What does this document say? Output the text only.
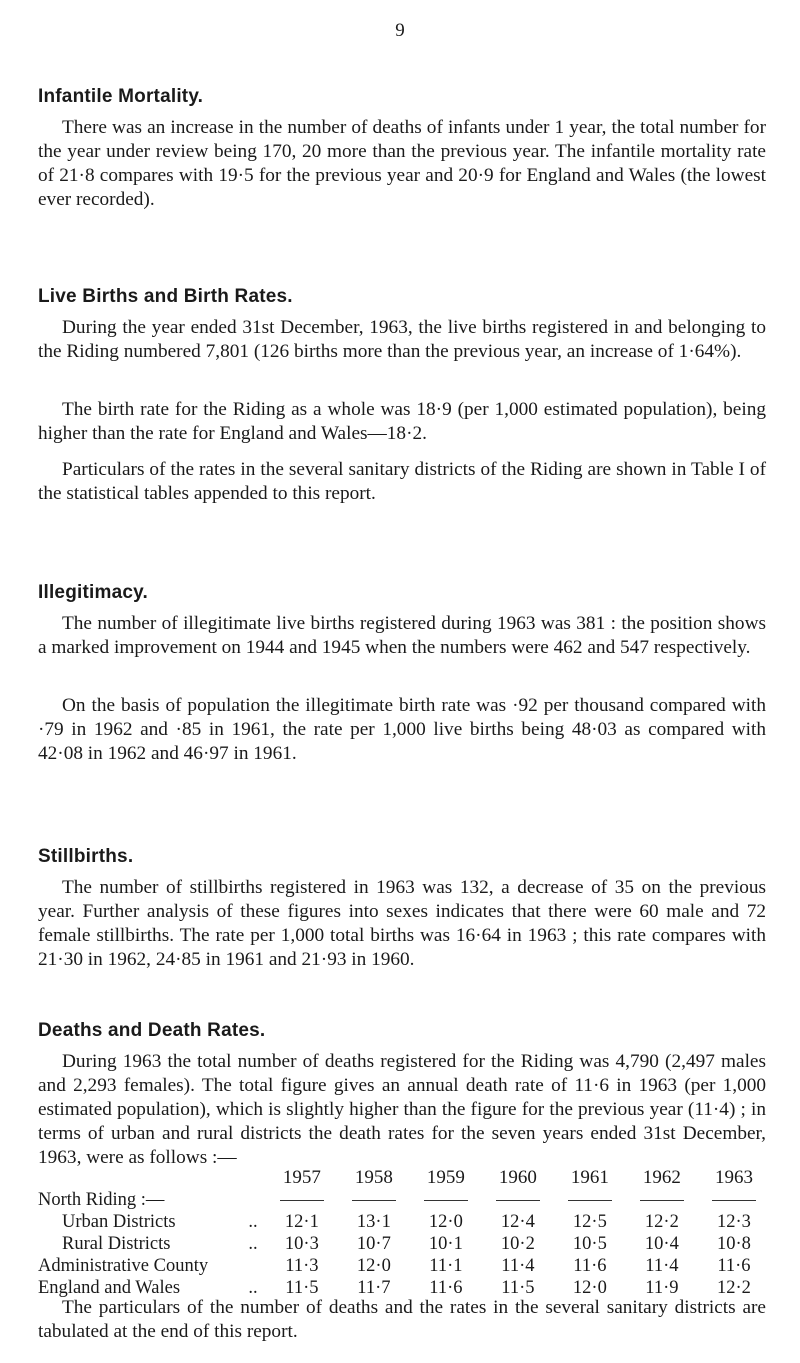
9
Infantile Mortality.

There was an increase in the number of deaths of infants under 1 year, the total number for the year under review being 170, 20 more than the previous year. The infantile mortality rate of 21·8 compares with 19·5 for the previous year and 20·9 for England and Wales (the lowest ever recorded).

Live Births and Birth Rates.

During the year ended 31st December, 1963, the live births registered in and belonging to the Riding numbered 7,801 (126 births more than the previous year, an increase of 1·64%).

The birth rate for the Riding as a whole was 18·9 (per 1,000 estimated population), being higher than the rate for England and Wales—18·2.

Particulars of the rates in the several sanitary districts of the Riding are shown in Table I of the statistical tables appended to this report.

Illegitimacy.

The number of illegitimate live births registered during 1963 was 381 : the position shows a marked improvement on 1944 and 1945 when the numbers were 462 and 547 respectively.

On the basis of population the illegitimate birth rate was ·92 per thousand compared with ·79 in 1962 and ·85 in 1961, the rate per 1,000 live births being 48·03 as compared with 42·08 in 1962 and 46·97 in 1961.

Stillbirths.

The number of stillbirths registered in 1963 was 132, a decrease of 35 on the previous year. Further analysis of these figures into sexes indicates that there were 60 male and 72 female stillbirths. The rate per 1,000 total births was 16·64 in 1963 ; this rate compares with 21·30 in 1962, 24·85 in 1961 and 21·93 in 1960.

Deaths and Death Rates.

During 1963 the total number of deaths registered for the Riding was 4,790 (2,497 males and 2,293 females). The total figure gives an annual death rate of 11·6 in 1963 (per 1,000 estimated population), which is slightly higher than the figure for the previous year (11·4) ; in terms of urban and rural districts the death rates for the seven years ended 31st December, 1963, were as follows :—

		1957	1958	1959	1960	1961	1962	1963
North Riding :—								
Urban Districts	..	12·1	13·1	12·0	12·4	12·5	12·2	12·3
Rural Districts	..	10·3	10·7	10·1	10·2	10·5	10·4	10·8
Administrative County		11·3	12·0	11·1	11·4	11·6	11·4	11·6
England and Wales	..	11·5	11·7	11·6	11·5	12·0	11·9	12·2

The particulars of the number of deaths and the rates in the several sanitary districts are tabulated at the end of this report.
